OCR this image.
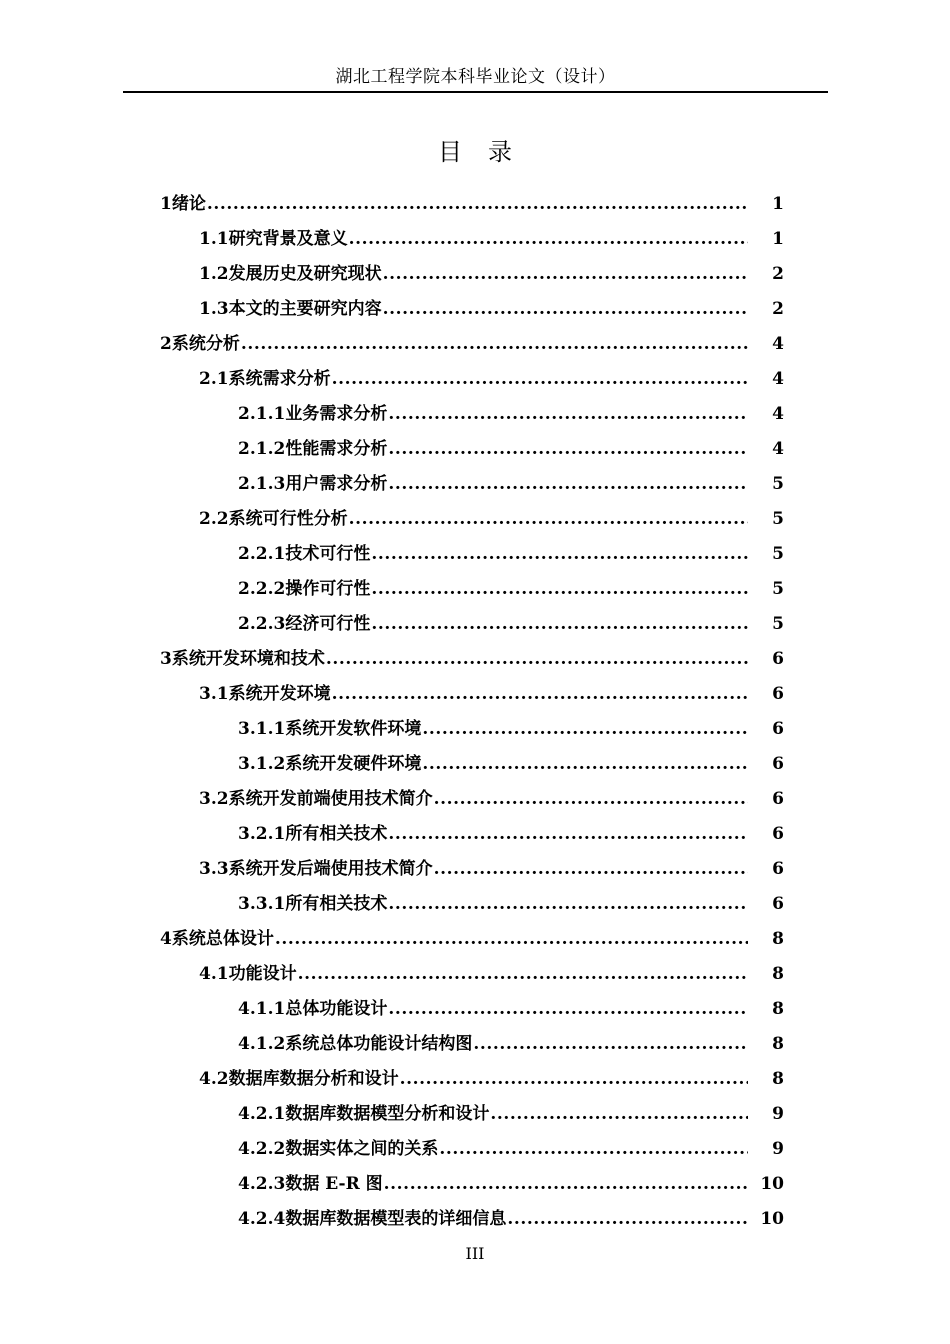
湖北工程学院本科毕业论文（设计）
目 录
1 绪论 .....	1
1.1 研究背景及意义 .....	1
1.2 发展历史及研究现状 .....	2
1.3 本文的主要研究内容 .....	2
2 系统分析 .....	4
2.1 系统需求分析 .....	4
2.1.1 业务需求分析 .....	4
2.1.2 性能需求分析 .....	4
2.1.3 用户需求分析 .....	5
2.2 系统可行性分析 .....	5
2.2.1 技术可行性 .....	5
2.2.2 操作可行性 .....	5
2.2.3 经济可行性 .....	5
3 系统开发环境和技术 .....	6
3.1 系统开发环境 .....	6
3.1.1 系统开发软件环境 .....	6
3.1.2 系统开发硬件环境 .....	6
3.2 系统开发前端使用技术简介 .....	6
3.2.1 所有相关技术 .....	6
3.3 系统开发后端使用技术简介 .....	6
3.3.1 所有相关技术 .....	6
4 系统总体设计 .....	8
4.1 功能设计 .....	8
4.1.1 总体功能设计 .....	8
4.1.2 系统总体功能设计结构图 .....	8
4.2 数据库数据分析和设计 .....	8
4.2.1 数据库数据模型分析和设计 .....	9
4.2.2 数据实体之间的关系 .....	9
4.2.3 数据 E-R 图 .....	10
4.2.4 数据库数据模型表的详细信息 .....	10
III
